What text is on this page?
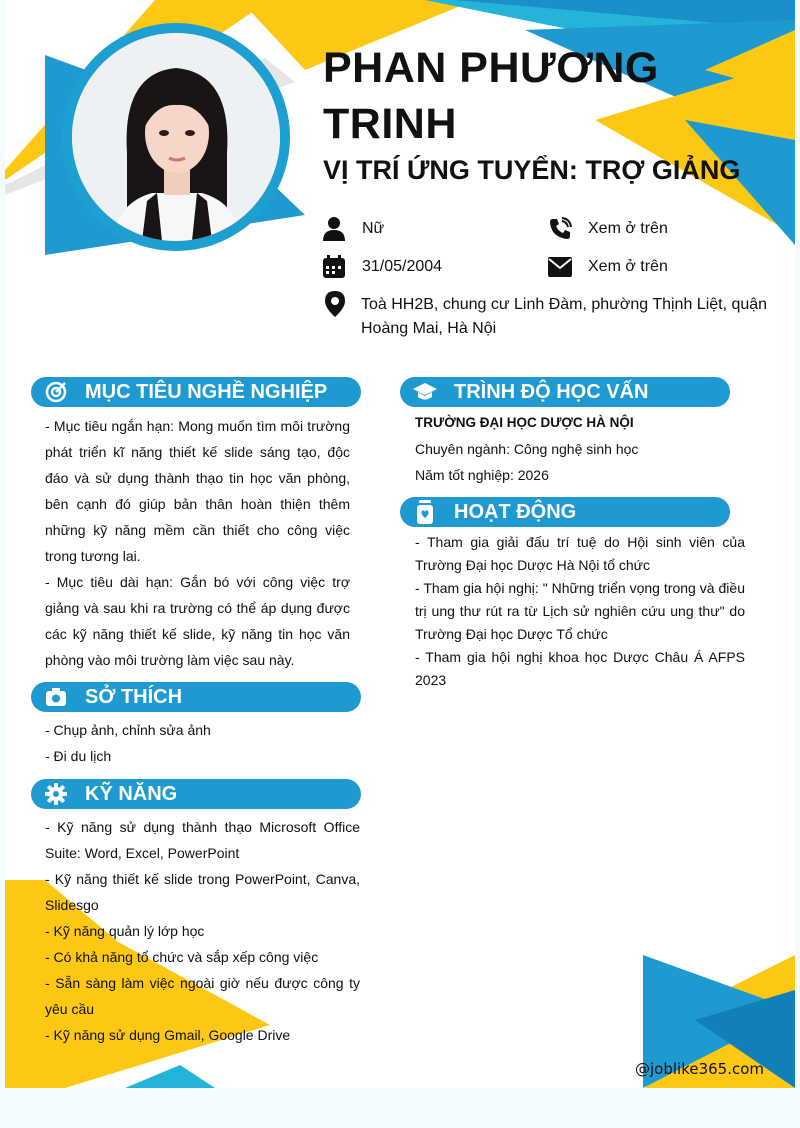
PHAN PHƯƠNG TRINH
VỊ TRÍ ỨNG TUYỂN: TRỢ GIẢNG
Nữ	Xem ở trên
31/05/2004	Xem ở trên
Toà HH2B, chung cư Linh Đàm, phường Thịnh Liệt, quận Hoàng Mai, Hà Nội
MỤC TIÊU NGHỀ NGHIỆP

- Mục tiêu ngắn hạn: Mong muốn tìm môi trường phát triển kĩ năng thiết kế slide sáng tạo, độc đáo và sử dụng thành thạo tin học văn phòng, bên cạnh đó giúp bản thân hoàn thiện thêm những kỹ năng mềm cần thiết cho công việc trong tương lai.

- Mục tiêu dài hạn: Gắn bó với công việc trợ giảng và sau khi ra trường có thể áp dụng được các kỹ năng thiết kế slide, kỹ năng tin học văn phòng vào môi trường làm việc sau này.

SỞ THÍCH

- Chụp ảnh, chỉnh sửa ảnh

- Đi du lịch

KỸ NĂNG

- Kỹ năng sử dụng thành thạo Microsoft Office Suite: Word, Excel, PowerPoint

- Kỹ năng thiết kế slide trong PowerPoint, Canva, Slidesgo

- Kỹ năng quản lý lớp học

- Có khả năng tổ chức và sắp xếp công việc

- Sẵn sàng làm việc ngoài giờ nếu được công ty yêu cầu

- Kỹ năng sử dụng Gmail, Google Drive

TRÌNH ĐỘ HỌC VẤN
TRƯỜNG ĐẠI HỌC DƯỢC HÀ NỘI
Chuyên ngành: Công nghệ sinh học
Năm tốt nghiệp: 2026
HOẠT ĐỘNG

- Tham gia giải đấu trí tuệ do Hội sinh viên của Trường Đại học Dược Hà Nội tổ chức

- Tham gia hội nghị: " Những triển vọng trong và điều trị ung thư rút ra từ Lịch sử nghiên cứu ung thư" do Trường Đại học Dược Tổ chức

- Tham gia hội nghị khoa học Dược Châu Á AFPS 2023

@joblike365.com
